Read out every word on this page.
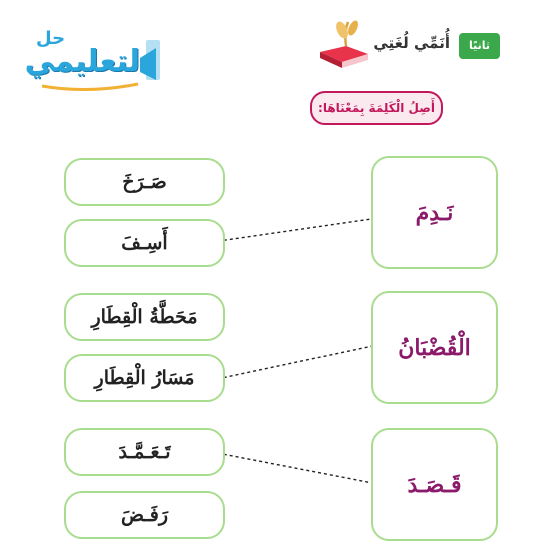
حل
لتعليمي
أُنَمِّي لُغَتِي	ثانيًا
أَصِلُ الْكَلِمَةَ بِمَعْنَاهَا:
نَـدِمَ
صَـرَخَ
أَسِـفَ
الْقُضْبَانُ
مَحَطَّةُ الْقِطَارِ
مَسَارُ الْقِطَارِ
قَـصَـدَ
تَـعَـمَّـدَ
رَفَـضَ
